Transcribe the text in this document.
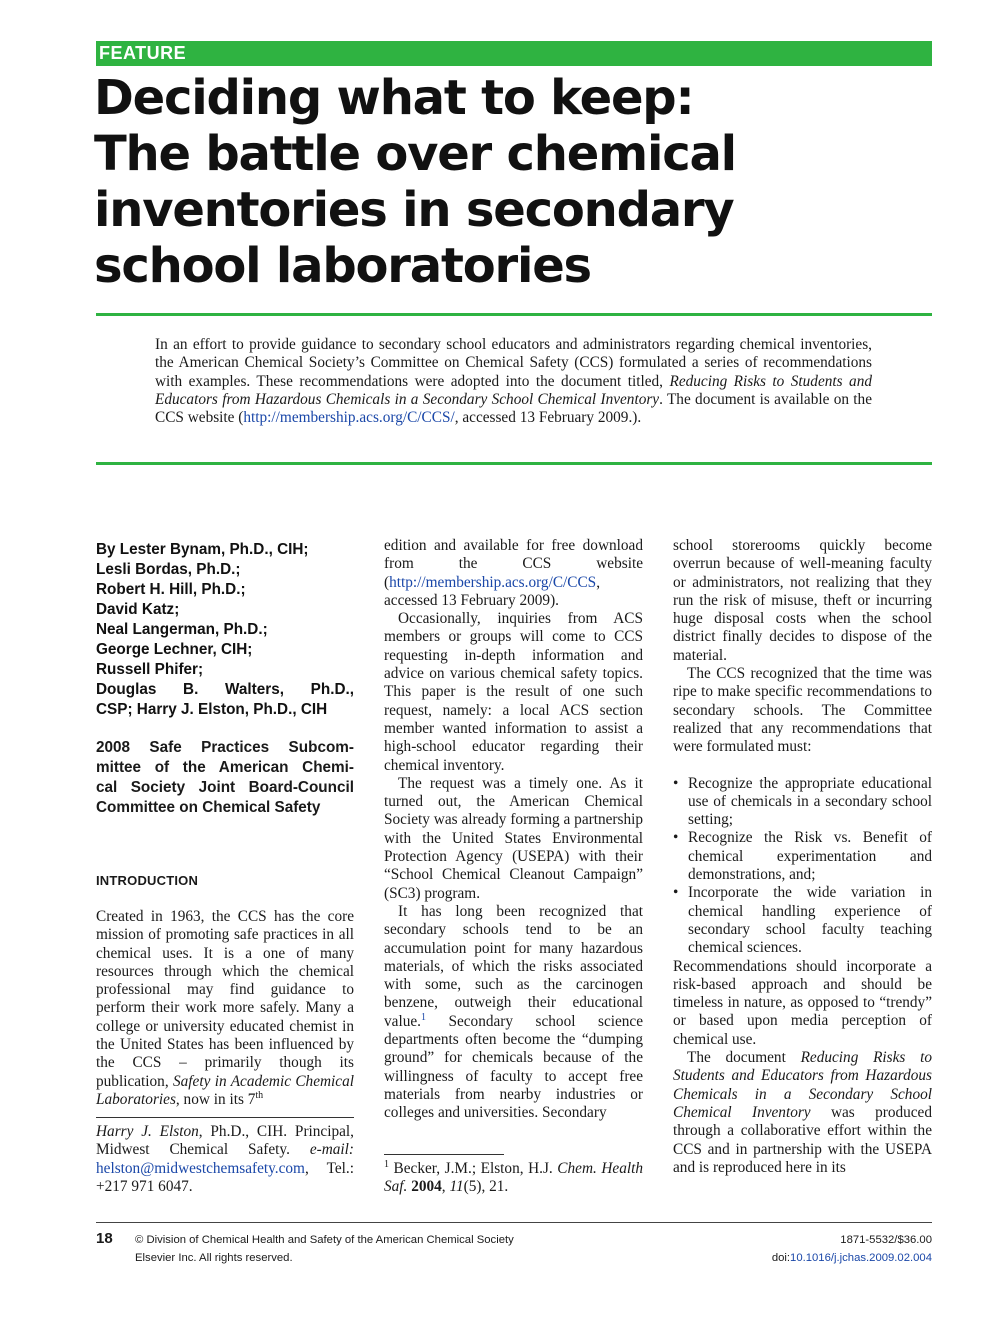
FEATURE
Deciding what to keep:
The battle over chemical
inventories in secondary
school laboratories

In an effort to provide guidance to secondary school educators and administrators regarding chemical inventories, the American Chemical Society’s Committee on Chemical Safety (CCS) formulated a series of recommendations with examples. These recommendations were adopted into the document titled, Reducing Risks to Students and Educators from Hazardous Chemicals in a Secondary School Chemical Inventory. The document is available on the CCS website (http://membership.acs.org/C/CCS/, accessed 13 February 2009.).

By Lester Bynam, Ph.D., CIH;
Lesli Bordas, Ph.D.;
Robert H. Hill, Ph.D.;
David Katz;
Neal Langerman, Ph.D.;
George Lechner, CIH;
Russell Phifer;
Douglas B. Walters, Ph.D.,
CSP; Harry J. Elston, Ph.D., CIH
2008 Safe Practices Subcom-
mittee of the American Chemi-
cal Society Joint Board-Council
Committee on Chemical Safety
INTRODUCTION

Created in 1963, the CCS has the core mission of promoting safe practices in all chemical uses. It is a one of many resources through which the chemical professional may find guidance to perform their work more safely. Many a college or university educated chemist in the United States has been influenced by the CCS – primarily though its publication, Safety in Academic Chemical Laboratories, now in its 7th

Harry J. Elston, Ph.D., CIH. Principal, Midwest Chemical Safety. e-mail: helston@midwestchemsafety.com, Tel.: +217 971 6047.

edition and available for free download from the CCS website (http://membership.acs.org/C/CCS, accessed 13 February 2009).

Occasionally, inquiries from ACS members or groups will come to CCS requesting in-depth information and advice on various chemical safety topics. This paper is the result of one such request, namely: a local ACS section member wanted information to assist a high-school educator regarding their chemical inventory.

The request was a timely one. As it turned out, the American Chemical Society was already forming a partnership with the United States Environmental Protection Agency (USEPA) with their “School Chemical Cleanout Campaign” (SC3) program.

It has long been recognized that secondary schools tend to be an accumulation point for many hazardous materials, of which the risks associated with some, such as the carcinogen benzene, outweigh their educational value.$^1$ Secondary school science departments often become the “dumping ground” for chemicals because of the willingness of faculty to accept free materials from nearby industries or colleges and universities. Secondary

$^1$ Becker, J.M.; Elston, H.J. Chem. Health Saf. 2004, 11(5), 21.

school storerooms quickly become overrun because of well-meaning faculty or administrators, not realizing that they run the risk of misuse, theft or incurring huge disposal costs when the school district finally decides to dispose of the material.

The CCS recognized that the time was ripe to make specific recommendations to secondary schools. The Committee realized that any recommendations that were formulated must:

• Recognize the appropriate educational use of chemicals in a secondary school setting;
• Recognize the Risk vs. Benefit of chemical experimentation and demonstrations, and;
• Incorporate the wide variation in chemical handling experience of secondary school faculty teaching chemical sciences.

Recommendations should incorporate a risk-based approach and should be timeless in nature, as opposed to “trendy” or based upon media perception of chemical use.

The document Reducing Risks to Students and Educators from Hazardous Chemicals in a Secondary School Chemical Inventory was produced through a collaborative effort within the CCS and in partnership with the USEPA and is reproduced here in its

18 © Division of Chemical Health and Safety of the American Chemical Society Elsevier Inc. All rights reserved.
1871-5532/$36.00
doi:10.1016/j.jchas.2009.02.004
